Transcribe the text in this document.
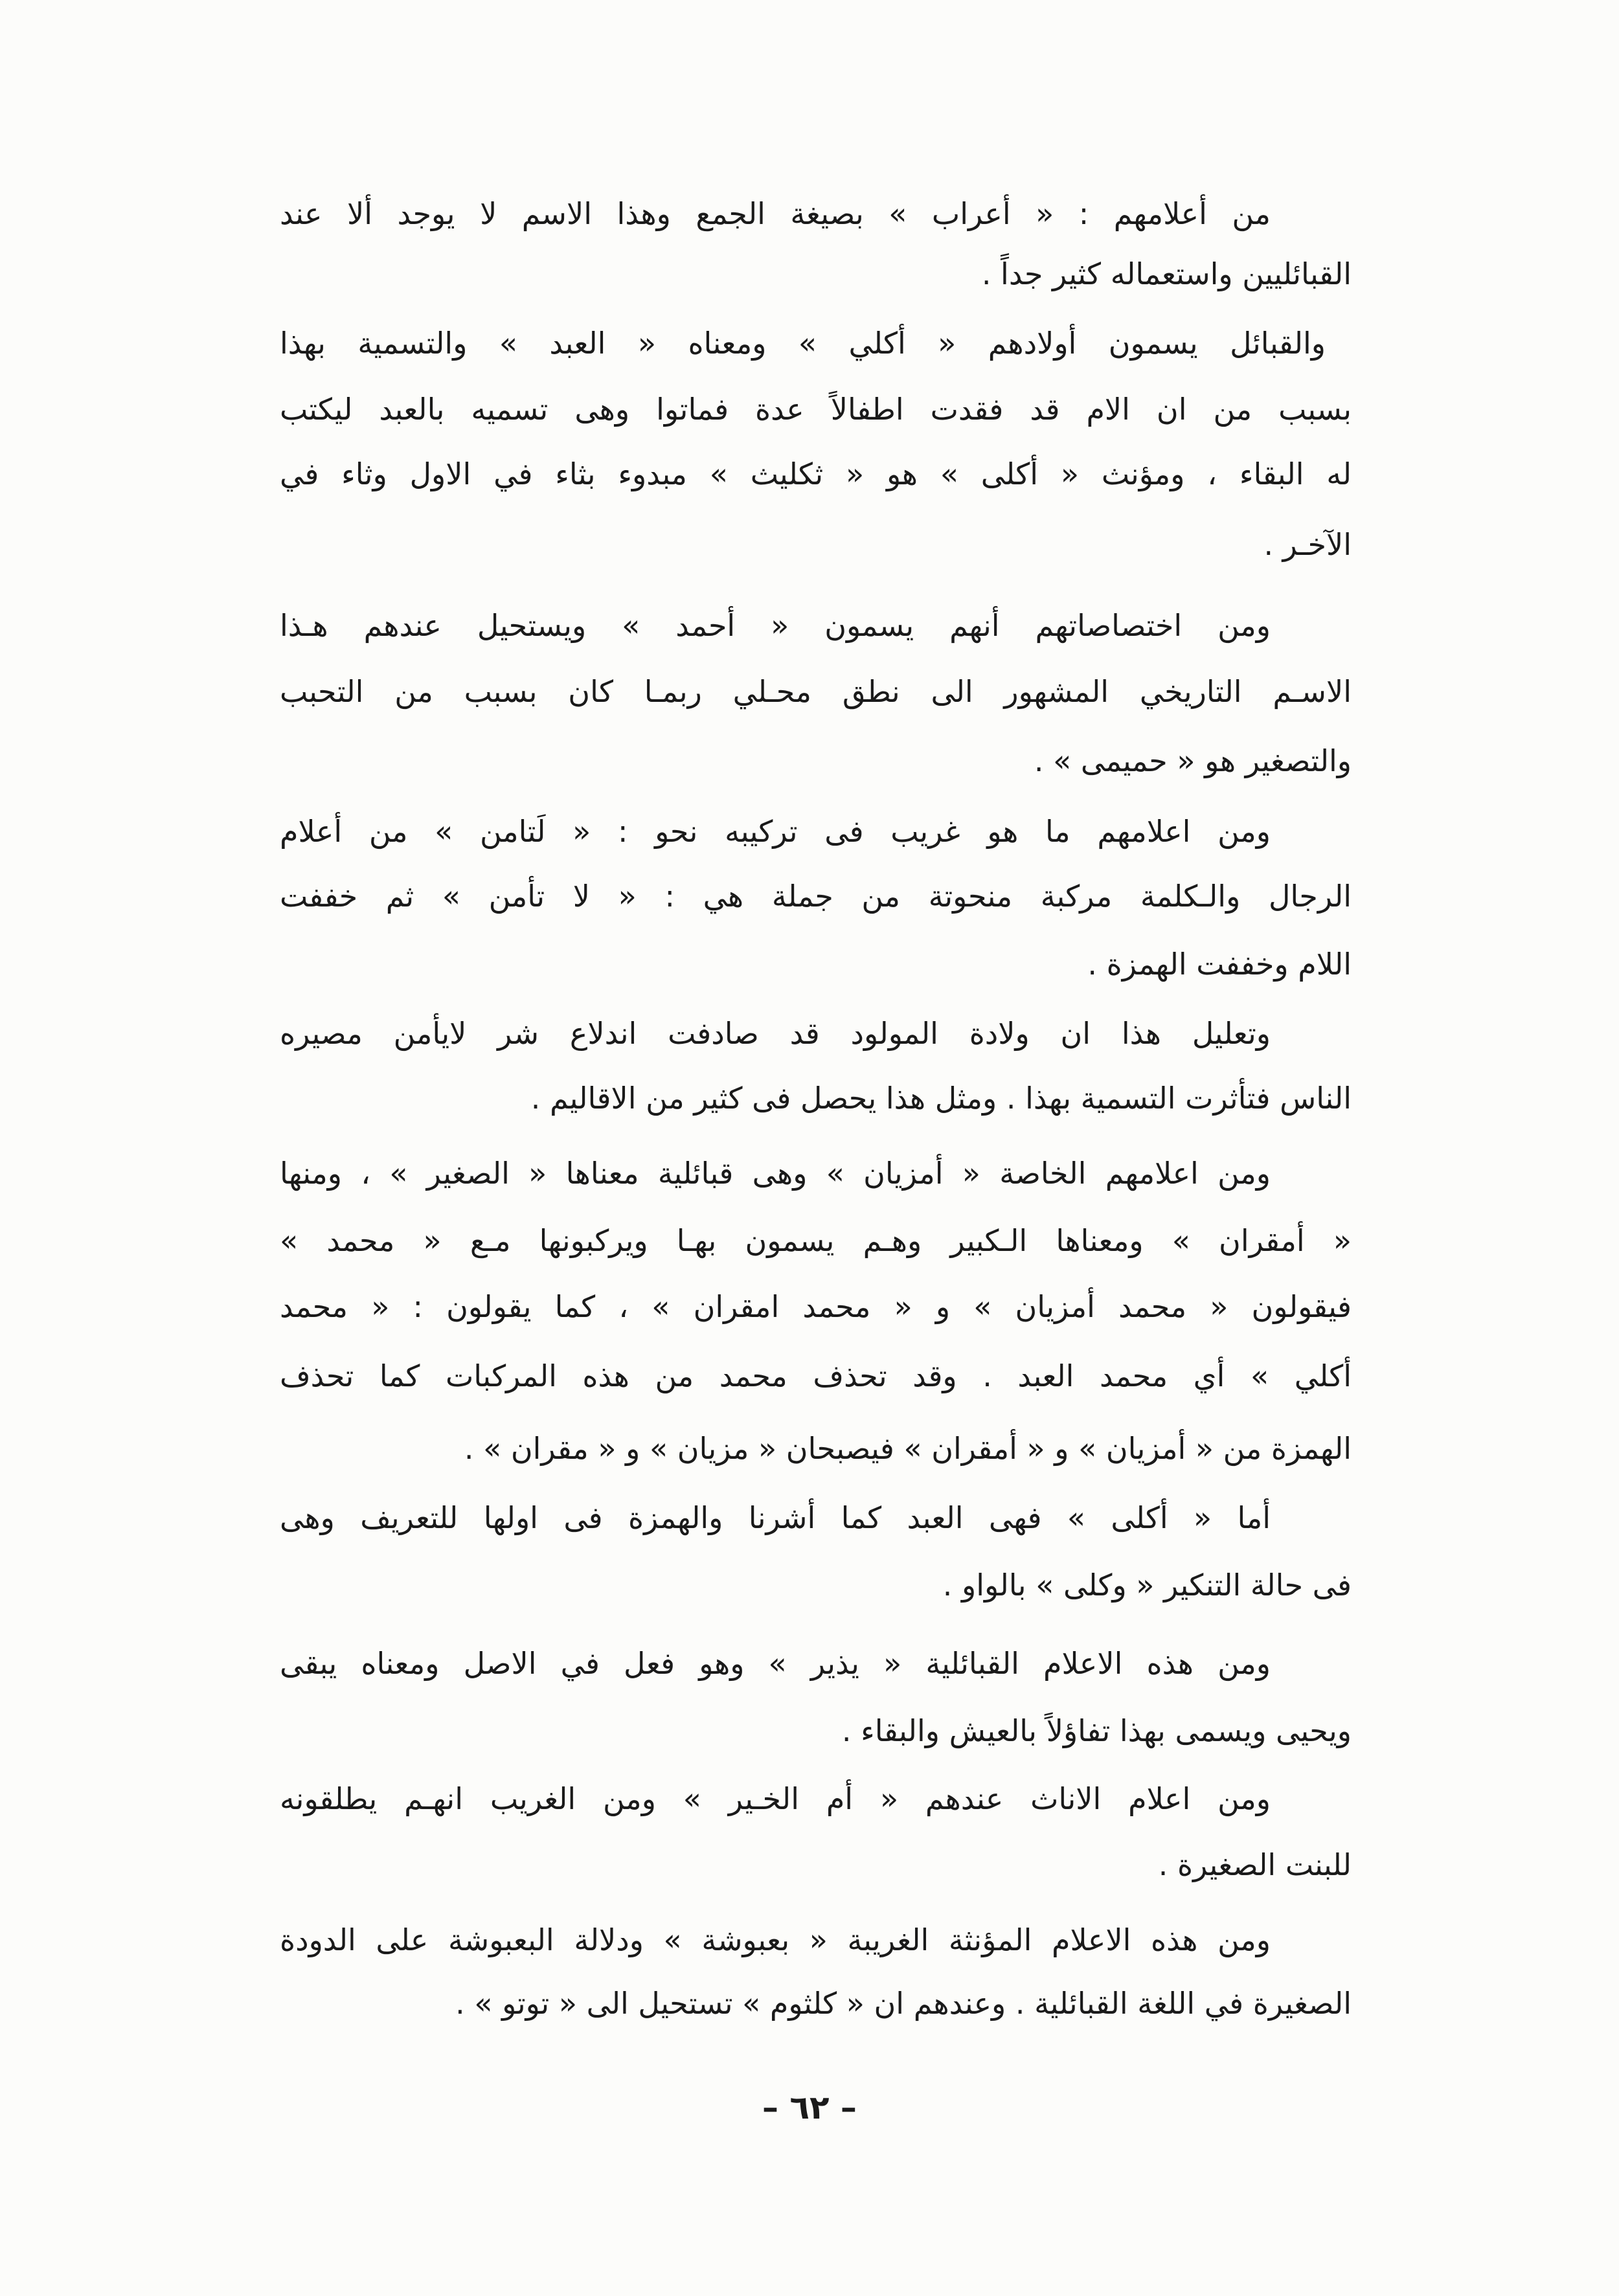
من أعلامهم : « أعراب » بصيغة الجمع وهذا الاسم لا يوجد ألا عند
القبائليين واستعماله كثير جداً .
والقبائل يسمون أولادهم « أكلي » ومعناه « العبد » والتسمية بهذا
بسبب من ان الام قد فقدت اطفالاً عدة فماتوا وهى تسميه بالعبد ليكتب
له البقاء ، ومؤنث « أكلى » هو « ثكليث » مبدوء بثاء في الاول وثاء في
الآخـر .
ومن اختصاصاتهم أنهم يسمون « أحمد » ويستحيل عندهم هـذا
الاسـم التاريخي المشهور الى نطق محـلي ربمـا كان بسبب من التحبب
والتصغير هو « حميمى » .
ومن اعلامهم ما هو غريب فى تركيبه نحو : « لَتامن » من أعلام
الرجال والـكلمة مركبة منحوتة من جملة هي : « لا تأمن » ثم خففت
اللام وخففت الهمزة .
وتعليل هذا ان ولادة المولود قد صادفت اندلاع شر لايأمن مصيره
الناس فتأثرت التسمية بهذا . ومثل هذا يحصل فى كثير من الاقاليم .
ومن اعلامهم الخاصة « أمزيان » وهى قبائلية معناها « الصغير » ، ومنها
« أمقران » ومعناها الـكبير وهـم يسمون بهـا ويركبونها مـع « محمد »
فيقولون « محمد أمزيان » و « محمد امقران » ، كما يقولون : « محمد
أكلي » أي محمد العبد . وقد تحذف محمد من هذه المركبات كما تحذف
الهمزة من « أمزيان » و « أمقران » فيصبحان « مزيان » و « مقران » .
أما « أكلى » فهى العبد كما أشرنا والهمزة فى اولها للتعريف وهى
فى حالة التنكير « وكلى » بالواو .
ومن هذه الاعلام القبائلية « يذير » وهو فعل في الاصل ومعناه يبقى
ويحيى ويسمى بهذا تفاؤلاً بالعيش والبقاء .
ومن اعلام الاناث عندهم « أم الخـير » ومن الغريب انهـم يطلقونه
للبنت الصغيرة .
ومن هذه الاعلام المؤنثة الغريبة « بعبوشة » ودلالة البعبوشة على الدودة
الصغيرة في اللغة القبائلية . وعندهم ان « كلثوم » تستحيل الى « توتو » .
– ٦٢ –
